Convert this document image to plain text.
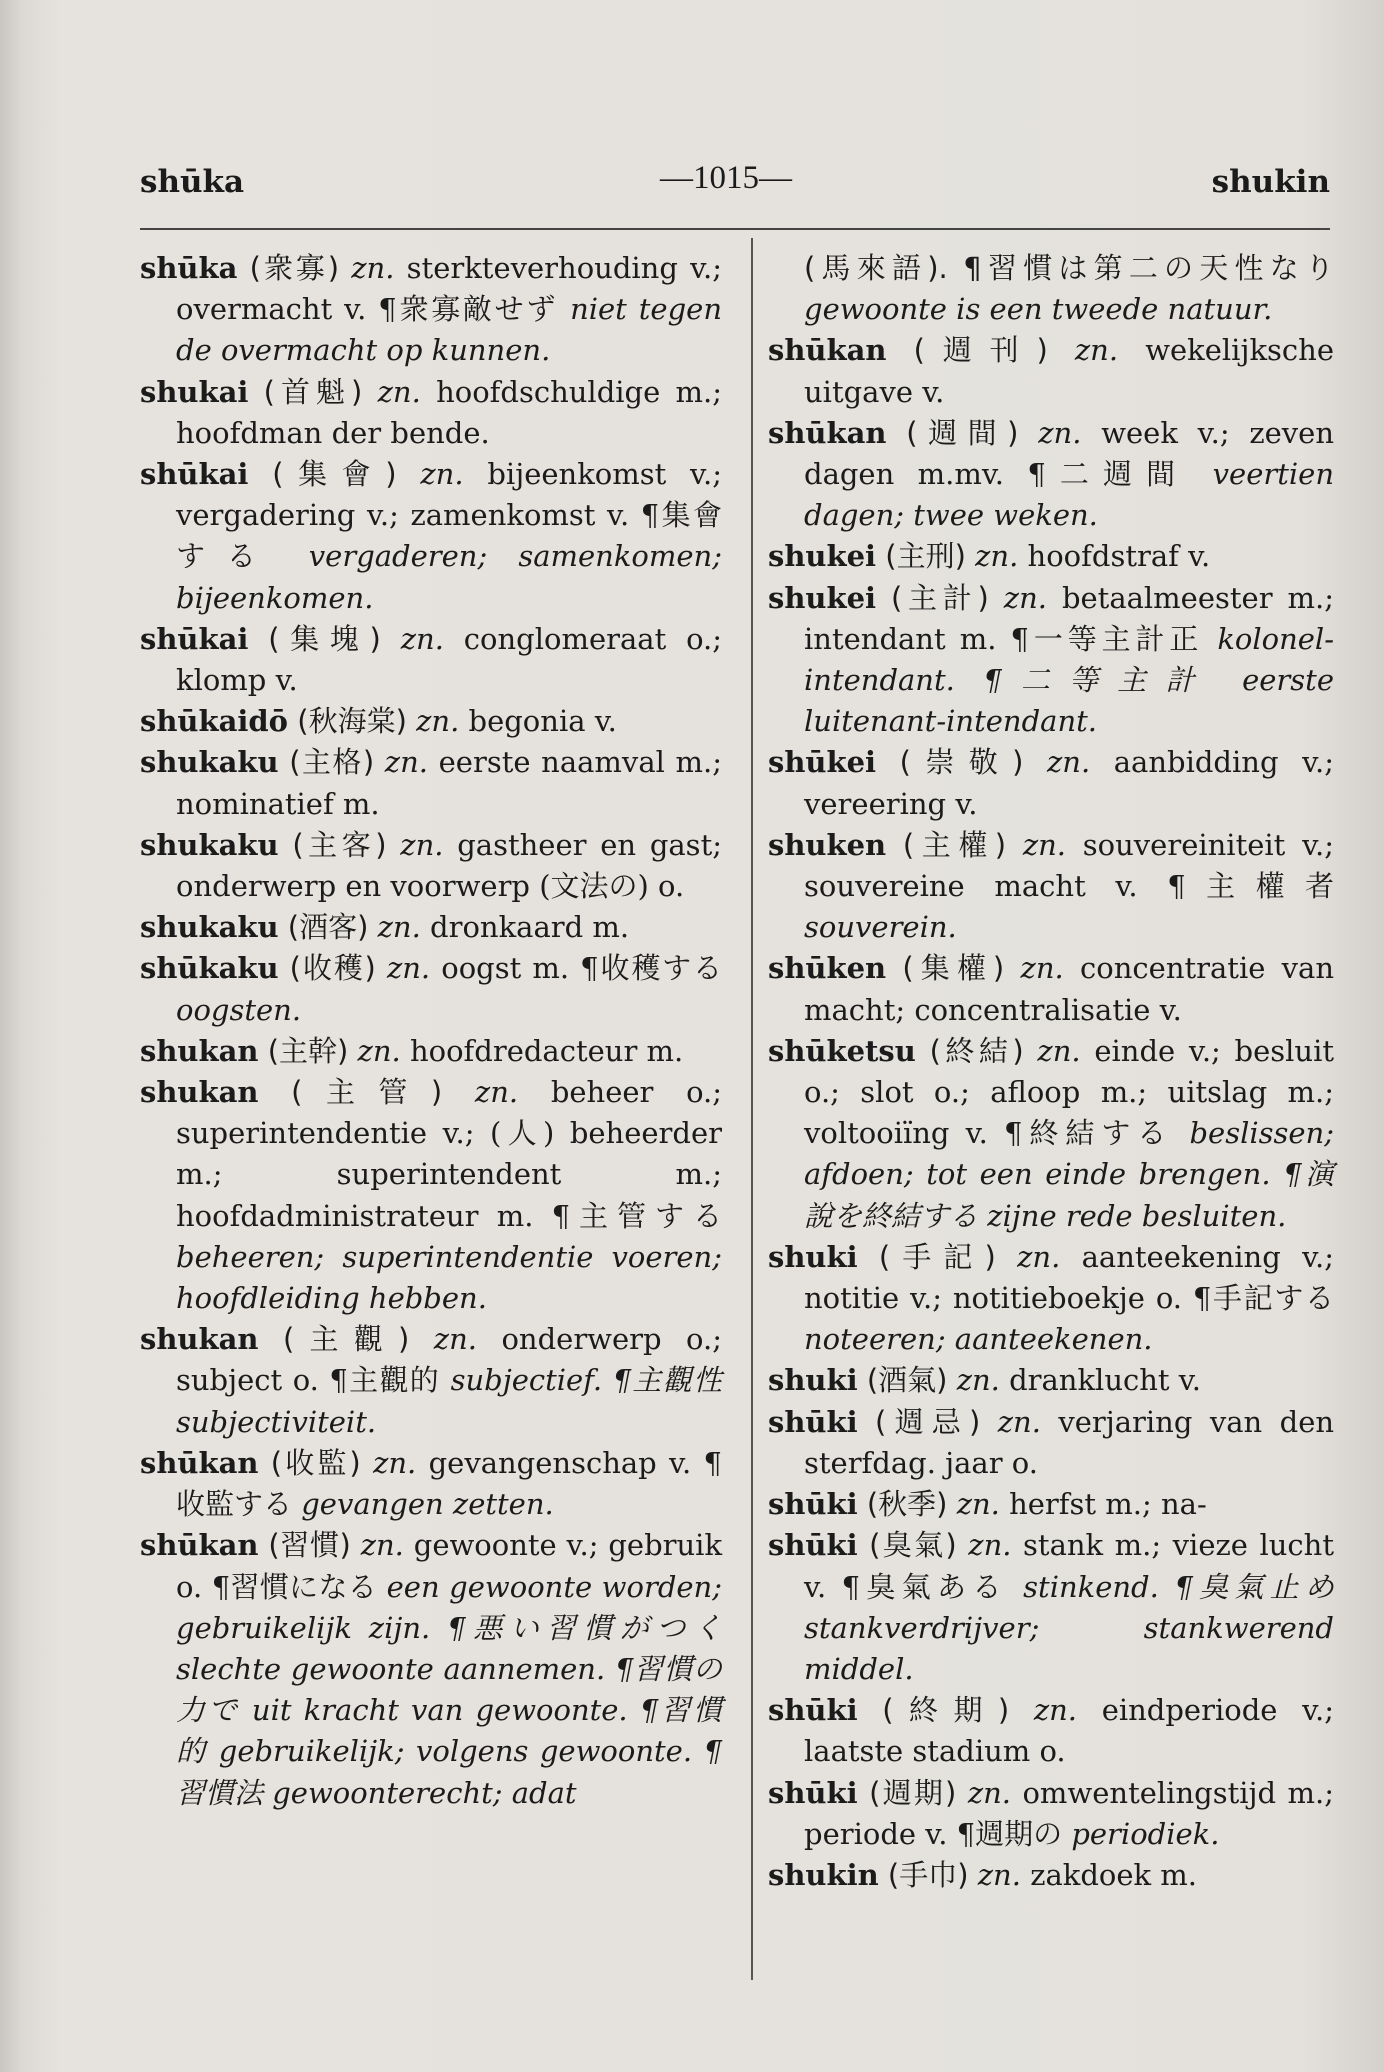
shūka	—1015—	shukin

shūka (衆寡) zn. sterkteverhouding v.; overmacht v. ¶衆寡敵せず niet tegen de overmacht op kunnen.

shukai (首魁) zn. hoofdschuldige m.; hoofdman der bende.

shūkai (集會) zn. bijeenkomst v.; vergadering v.; zamenkomst v. ¶集會する vergaderen; samenkomen; bijeenkomen.

shūkai (集塊) zn. conglomeraat o.; klomp v.

shūkaidō (秋海棠) zn. begonia v.

shukaku (主格) zn. eerste naamval m.; nominatief m.

shukaku (主客) zn. gastheer en gast; onderwerp en voorwerp (文法の) o.

shukaku (酒客) zn. dronkaard m.

shūkaku (收穫) zn. oogst m. ¶收穫する oogsten.

shukan (主幹) zn. hoofdredacteur m.

shukan (主管) zn. beheer o.; superintendentie v.; (人) beheerder m.; superintendent m.; hoofdadministrateur m. ¶主管する beheeren; superintendentie voeren; hoofdleiding hebben.

shukan (主觀) zn. onderwerp o.; subject o. ¶主觀的 subjectief. ¶主觀性 subjectiviteit.

shūkan (收監) zn. gevangenschap v. ¶收監する gevangen zetten.

shūkan (習慣) zn. gewoonte v.; gebruik o. ¶習慣になる een gewoonte worden; gebruikelijk zijn. ¶悪い習慣がつく slechte gewoonte aannemen. ¶習慣の力で uit kracht van gewoonte. ¶習慣的 gebruikelijk; volgens gewoonte. ¶習慣法 gewoonterecht; adat

(馬來語). ¶習慣は第二の天性なり gewoonte is een tweede natuur.

shūkan (週刊) zn. wekelijksche uitgave v.

shūkan (週間) zn. week v.; zeven dagen m.mv. ¶二週間 veertien dagen; twee weken.

shukei (主刑) zn. hoofdstraf v.

shukei (主計) zn. betaalmeester m.; intendant m. ¶一等主計正 kolonel-intendant. ¶二等主計 eerste luitenant-intendant.

shūkei (崇敬) zn. aanbidding v.; vereering v.

shuken (主權) zn. souvereiniteit v.; souvereine macht v. ¶主權者 souverein.

shūken (集權) zn. concentratie van macht; concentralisatie v.

shūketsu (終結) zn. einde v.; besluit o.; slot o.; afloop m.; uitslag m.; voltooiïng v. ¶終結する beslissen; afdoen; tot een einde brengen. ¶演說を終結する zijne rede besluiten.

shuki (手記) zn. aanteekening v.; notitie v.; notitieboekje o. ¶手記する noteeren; aanteekenen.

shuki (酒氣) zn. dranklucht v.

shūki (週忌) zn. verjaring van den sterfdag. jaar o.

shūki (秋季) zn. herfst m.; na-

shūki (臭氣) zn. stank m.; vieze lucht v. ¶臭氣ある stinkend. ¶臭氣止め stankverdrijver; stankwerend middel.

shūki (終期) zn. eindperiode v.; laatste stadium o.

shūki (週期) zn. omwentelingstijd m.; periode v. ¶週期の periodiek.

shukin (手巾) zn. zakdoek m.
